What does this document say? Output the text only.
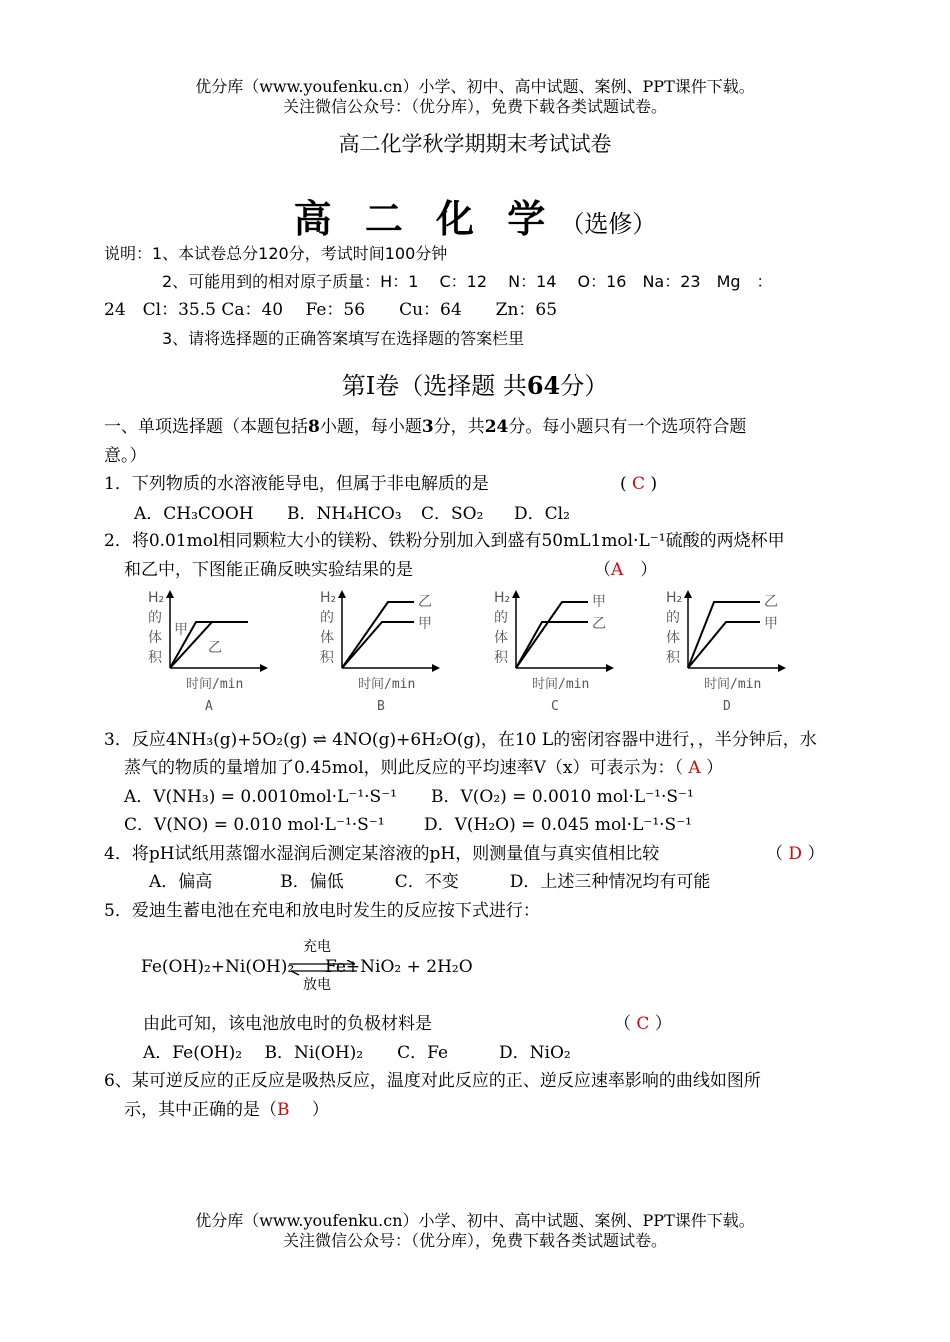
优分库（www.youfenku.cn）小学、初中、高中试题、案例、PPT课件下载。
关注微信公众号：（优分库），免费下载各类试题试卷。
高二化学秋学期期末考试试卷
高 二 化 学 （选修）
说明：1、本试卷总分120分，考试时间100分钟
2、可能用到的相对原子质量：H：1　 C：12　 N：14　 O：16　Na：23　Mg　：
24　Cl：35.5 Ca：40　 Fe：56　　Cu：64　　Zn：65
3、请将选择题的正确答案填写在选择题的答案栏里
第Ⅰ卷（选择题 共64分）
一、单项选择题（本题包括8小题，每小题3分，共24分。每小题只有一个选项符合题
意。）
1．下列物质的水溶液能导电，但属于非电解质的是	( C )
A．CH₃COOH B．NH₄HCO₃ C．SO₂ D．Cl₂
2．将0.01mol相同颗粒大小的镁粉、铁粉分别加入到盛有50mL1mol·L⁻¹硫酸的两烧杯甲
和乙中，下图能正确反映实验结果的是	（A　）
H₂
的
体
积
甲
乙
时间/min
A
H₂
的
体
积
乙
甲
时间/min
B
H₂
的
体
积
甲
乙
时间/min
C
H₂
的
体
积
乙
甲
时间/min
D
3．反应4NH₃(g)+5O₂(g) ⇌ 4NO(g)+6H₂O(g)，在10 L的密闭容器中进行，，半分钟后，水
蒸气的物质的量增加了0.45mol，则此反应的平均速率V（x）可表示为：（ A ）
A．V(NH₃) = 0.0010mol·L⁻¹·S⁻¹　　B．V(O₂) = 0.0010 mol·L⁻¹·S⁻¹
C．V(NO) = 0.010 mol·L⁻¹·S⁻¹　　 D．V(H₂O) = 0.045 mol·L⁻¹·S⁻¹
4．将pH试纸用蒸馏水湿润后测定某溶液的pH，则测量值与真实值相比较	（ D ）
A．偏高　　　　B．偏低　　　C．不变　　　D．上述三种情况均有可能
5．爱迪生蓄电池在充电和放电时发生的反应按下式进行：
充电
Fe(OH)₂+Ni(OH)₂ Fe+NiO₂ + 2H₂O
放电
由此可知，该电池放电时的负极材料是	（ C ）
A．Fe(OH)₂　 B．Ni(OH)₂　　C．Fe　　　D．NiO₂
6、某可逆反应的正反应是吸热反应，温度对此反应的正、逆反应速率影响的曲线如图所
示，其中正确的是（B　 ）
优分库（www.youfenku.cn）小学、初中、高中试题、案例、PPT课件下载。
关注微信公众号：（优分库），免费下载各类试题试卷。
